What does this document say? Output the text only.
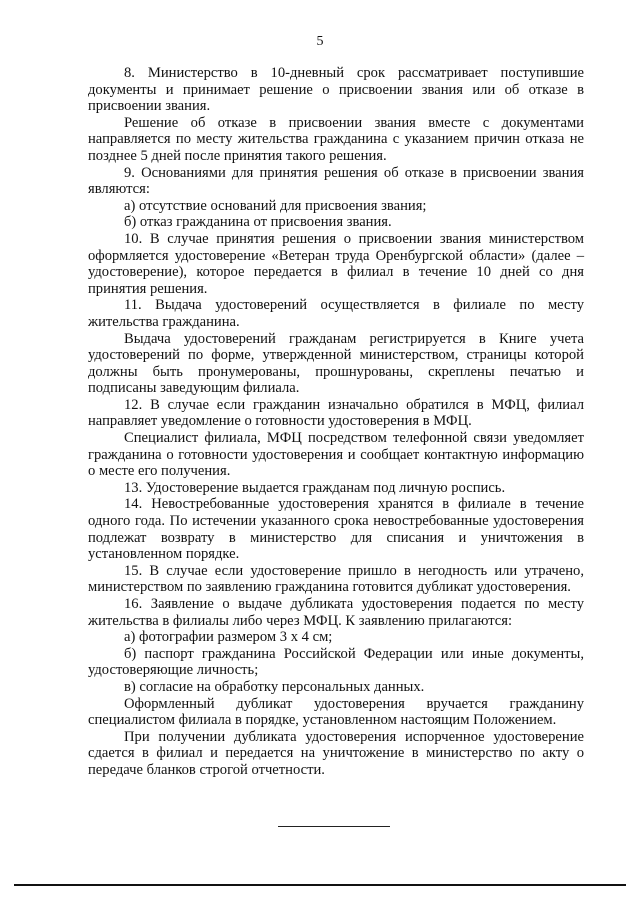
5

8. Министерство в 10-дневный срок рассматривает поступившие документы и принимает решение о присвоении звания или об отказе в присвоении звания.

Решение об отказе в присвоении звания вместе с документами направляется по месту жительства гражданина с указанием причин отказа не позднее 5 дней после принятия такого решения.

9. Основаниями для принятия решения об отказе в присвоении звания являются:

а) отсутствие оснований для присвоения звания;

б) отказ гражданина от присвоения звания.

10. В случае принятия решения о присвоении звания министерством оформляется удостоверение «Ветеран труда Оренбургской области» (далее – удостоверение), которое передается в филиал в течение 10 дней со дня принятия решения.

11. Выдача удостоверений осуществляется в филиале по месту жительства гражданина.

Выдача удостоверений гражданам регистрируется в Книге учета удостоверений по форме, утвержденной министерством, страницы которой должны быть пронумерованы, прошнурованы, скреплены печатью и подписаны заведующим филиала.

12. В случае если гражданин изначально обратился в МФЦ, филиал направляет уведомление о готовности удостоверения в МФЦ.

Специалист филиала, МФЦ посредством телефонной связи уведомляет гражданина о готовности удостоверения и сообщает контактную информацию о месте его получения.

13. Удостоверение выдается гражданам под личную роспись.

14. Невостребованные удостоверения хранятся в филиале в течение одного года. По истечении указанного срока невостребованные удостоверения подлежат возврату в министерство для списания и уничтожения в установленном порядке.

15. В случае если удостоверение пришло в негодность или утрачено, министерством по заявлению гражданина готовится дубликат удостоверения.

16. Заявление о выдаче дубликата удостоверения подается по месту жительства в филиалы либо через МФЦ. К заявлению прилагаются:

а) фотографии размером 3 х 4 см;

б) паспорт гражданина Российской Федерации или иные документы, удостоверяющие личность;

в) согласие на обработку персональных данных.

Оформленный дубликат удостоверения вручается гражданину специалистом филиала в порядке, установленном настоящим Положением.

При получении дубликата удостоверения испорченное удостоверение сдается в филиал и передается на уничтожение в министерство по акту о передаче бланков строгой отчетности.
